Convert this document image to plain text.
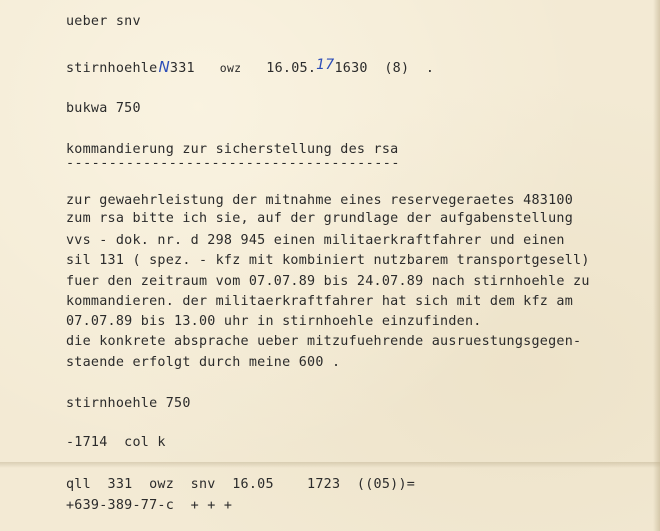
ueber snv
stirnhoehleN331 owz 16.05.171630 (8) .
bukwa 750
kommandierung zur sicherstellung des rsa
---------------------------------------
zur gewaehrleistung der mitnahme eines reservegeraetes 483100
zum rsa bitte ich sie, auf der grundlage der aufgabenstellung
vvs - dok. nr. d 298 945 einen militaerkraftfahrer und einen
sil 131 ( spez. - kfz mit kombiniert nutzbarem transportgesell)
fuer den zeitraum vom 07.07.89 bis 24.07.89 nach stirnhoehle zu
kommandieren. der militaerkraftfahrer hat sich mit dem kfz am
07.07.89 bis 13.00 uhr in stirnhoehle einzufinden.
die konkrete absprache ueber mitzufuehrende ausruestungsgegen-
staende erfolgt durch meine 600 .
stirnhoehle 750
-1714  col k
qll  331  owz  snv  16.05    1723  ((05))=
+639-389-77-c  + + +
